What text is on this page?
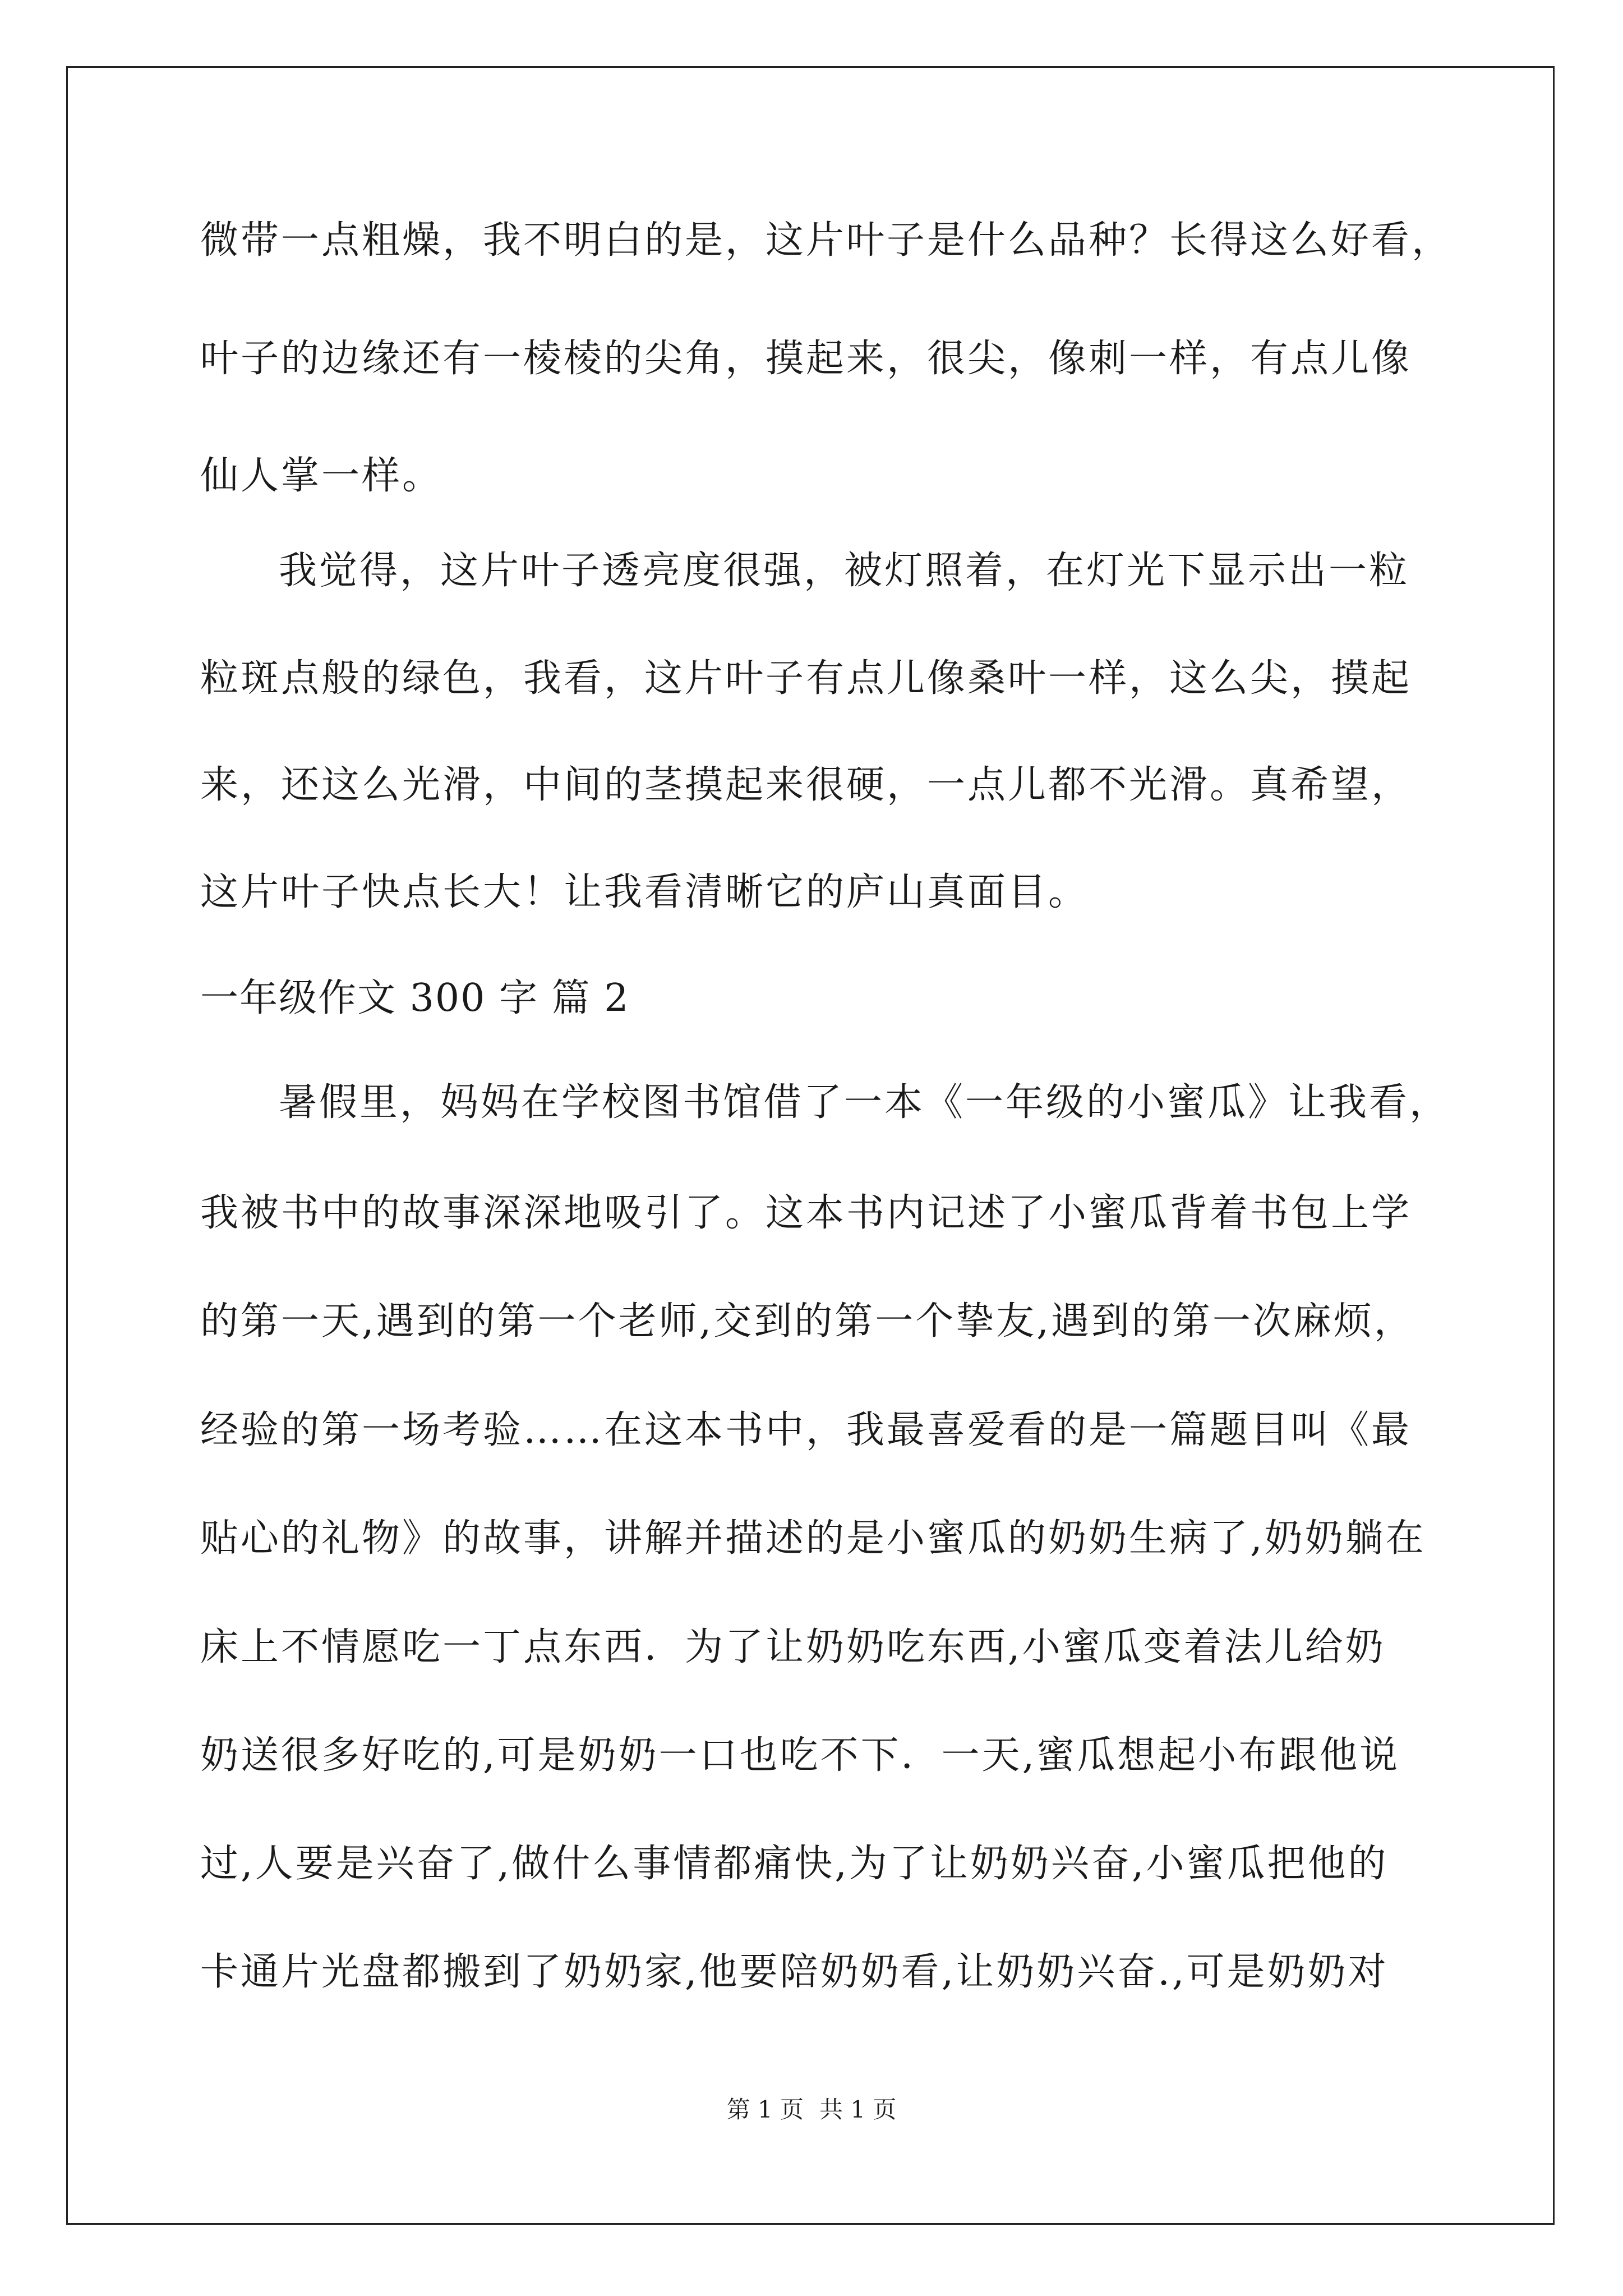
微带一点粗燥，我不明白的是，这片叶子是什么品种？长得这么好看，
叶子的边缘还有一棱棱的尖角，摸起来，很尖，像刺一样，有点儿像
仙人掌一样。
我觉得，这片叶子透亮度很强，被灯照着，在灯光下显示出一粒
粒斑点般的绿色，我看，这片叶子有点儿像桑叶一样，这么尖，摸起
来，还这么光滑，中间的茎摸起来很硬，一点儿都不光滑。真希望，
这片叶子快点长大！让我看清晰它的庐山真面目。
一年级作文 300 字 篇 2
暑假里，妈妈在学校图书馆借了一本《一年级的小蜜瓜》让我看，
我被书中的故事深深地吸引了。这本书内记述了小蜜瓜背着书包上学
的第一天,遇到的第一个老师,交到的第一个挚友,遇到的第一次麻烦，
经验的第一场考验……在这本书中，我最喜爱看的是一篇题目叫《最
贴心的礼物》的故事，讲解并描述的是小蜜瓜的奶奶生病了,奶奶躺在
床上不情愿吃一丁点东西．为了让奶奶吃东西,小蜜瓜变着法儿给奶
奶送很多好吃的,可是奶奶一口也吃不下．一天,蜜瓜想起小布跟他说
过,人要是兴奋了,做什么事情都痛快,为了让奶奶兴奋,小蜜瓜把他的
卡通片光盘都搬到了奶奶家,他要陪奶奶看,让奶奶兴奋.,可是奶奶对
第 1 页 共 1 页
